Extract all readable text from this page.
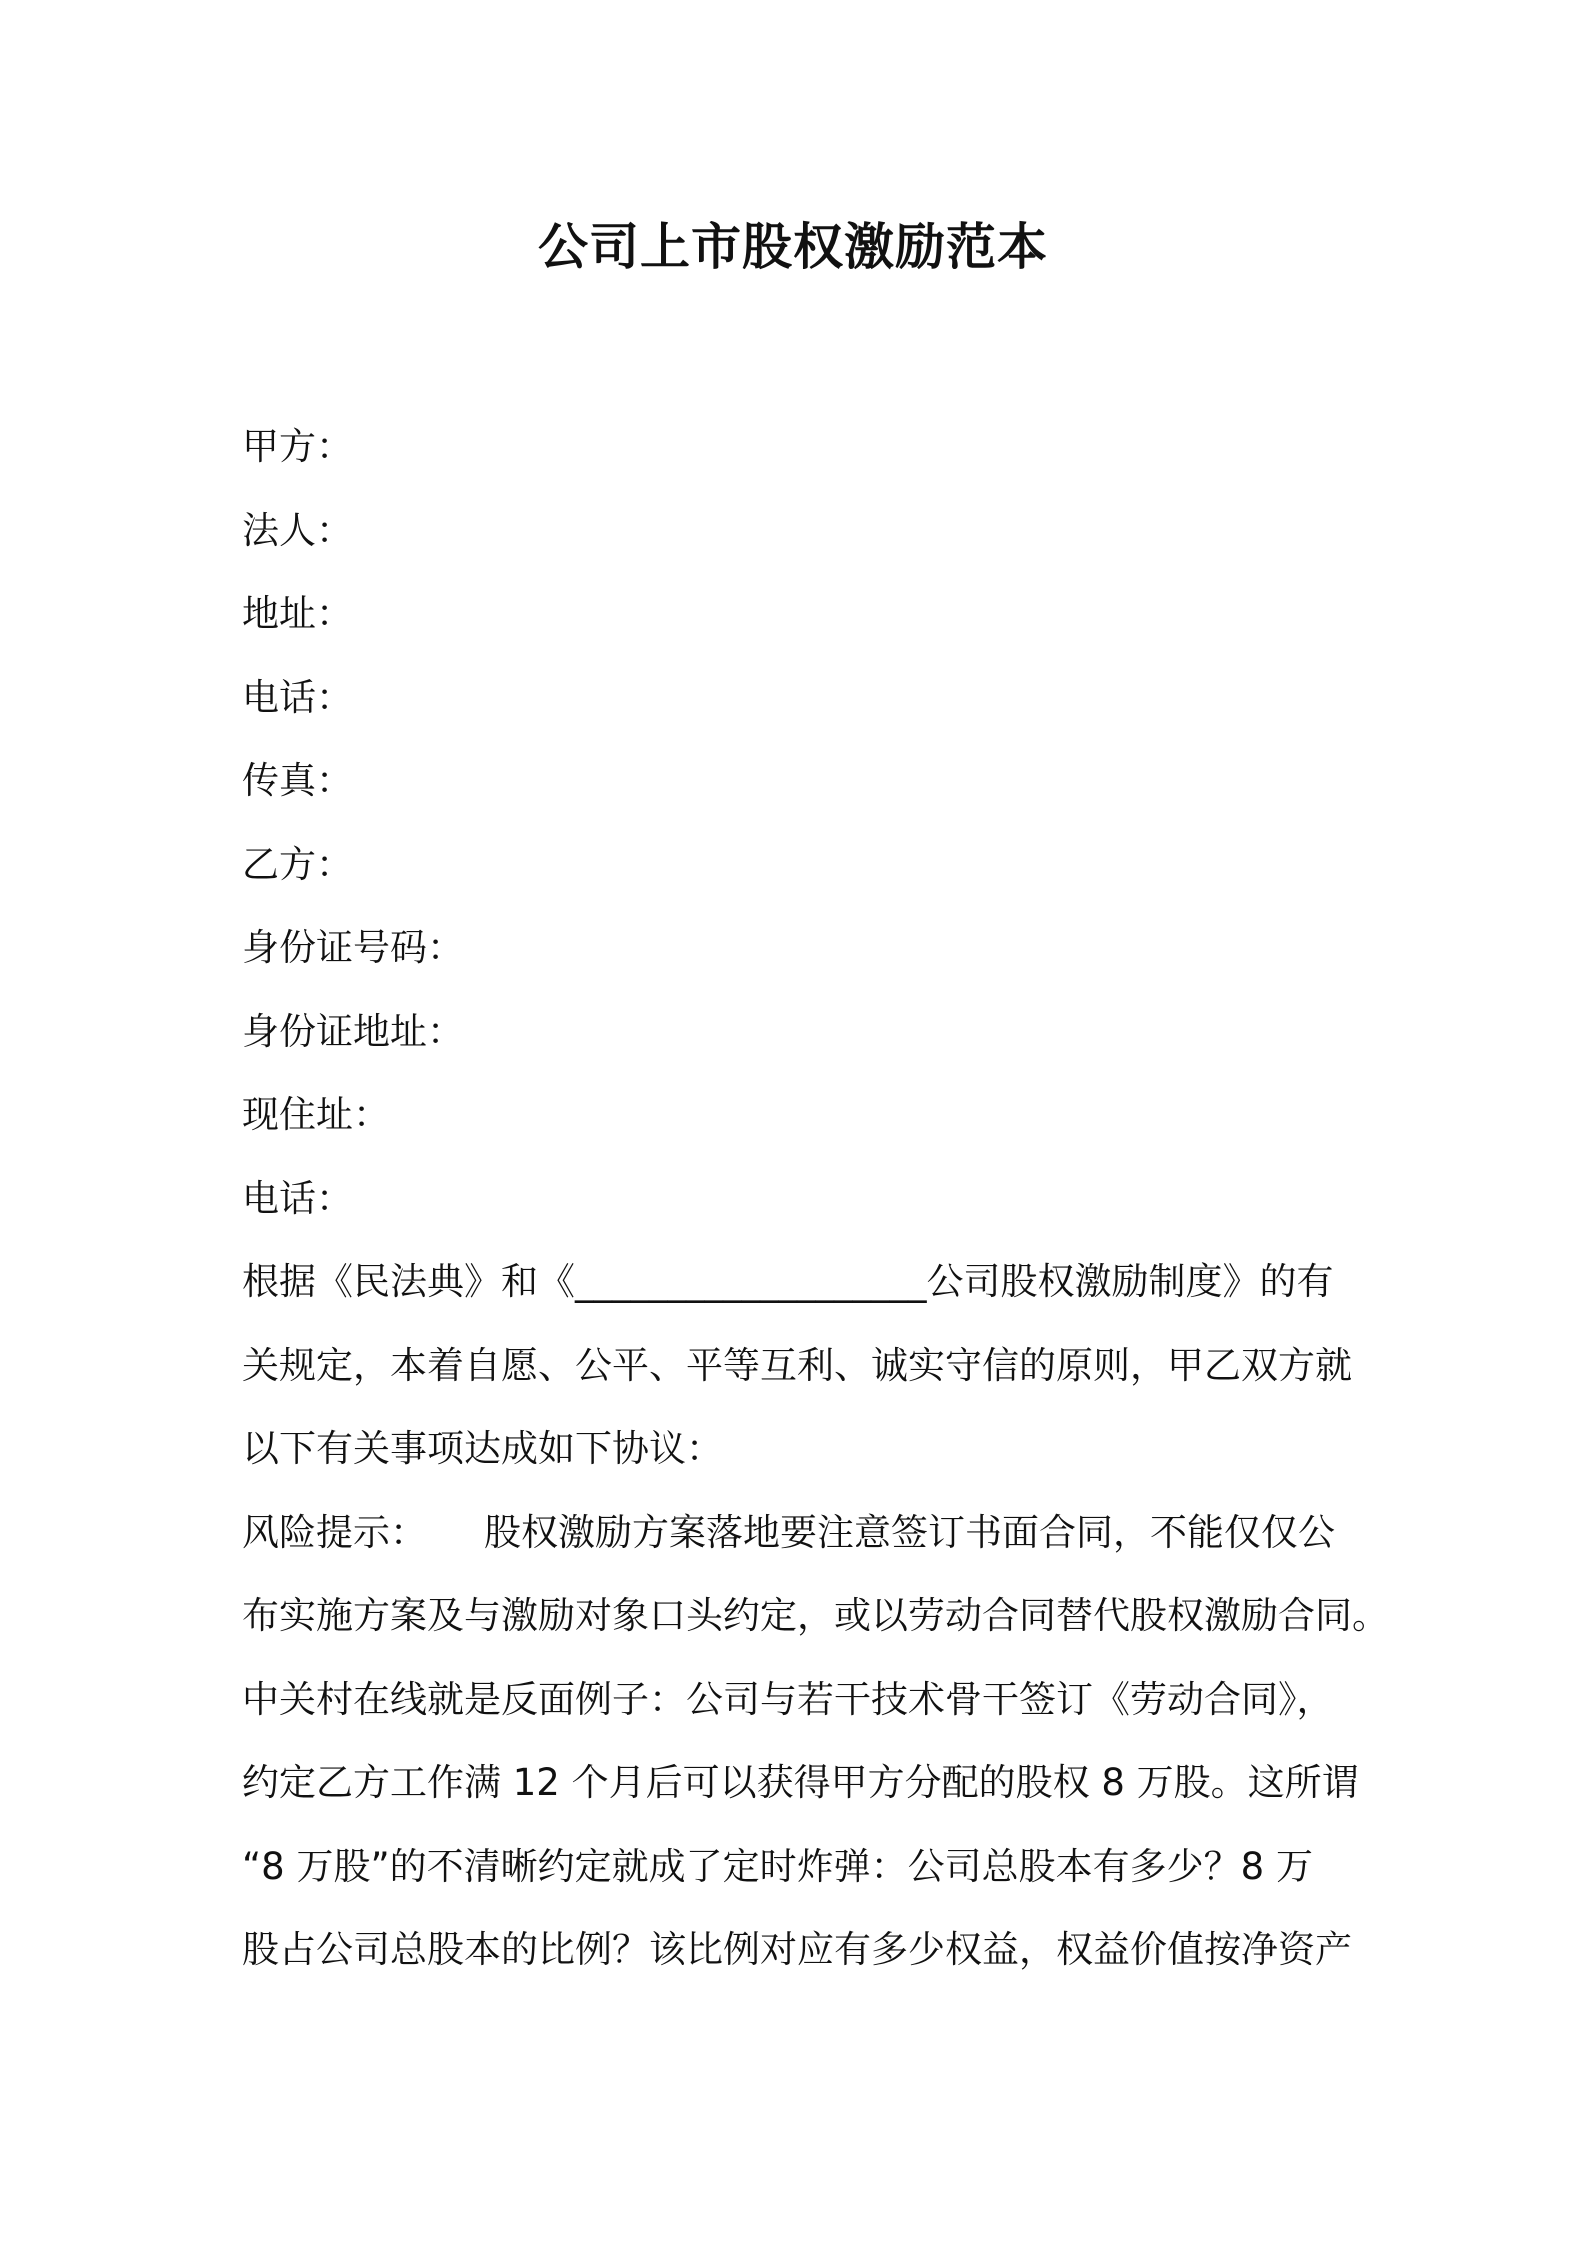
公司上市股权激励范本
甲方：
法人：
地址：
电话：
传真：
乙方：
身份证号码：
身份证地址：
现住址：
电话：
根据《民法典》和《___________________公司股权激励制度》的有
关规定，本着自愿、公平、平等互利、诚实守信的原则，甲乙双方就
以下有关事项达成如下协议：
风险提示： 股权激励方案落地要注意签订书面合同，不能仅仅公
布实施方案及与激励对象口头约定，或以劳动合同替代股权激励合同。
中关村在线就是反面例子：公司与若干技术骨干签订《劳动合同》，
约定乙方工作满 12 个月后可以获得甲方分配的股权 8 万股。这所谓
“8 万股”的不清晰约定就成了定时炸弹：公司总股本有多少？8 万
股占公司总股本的比例？该比例对应有多少权益，权益价值按净资产
